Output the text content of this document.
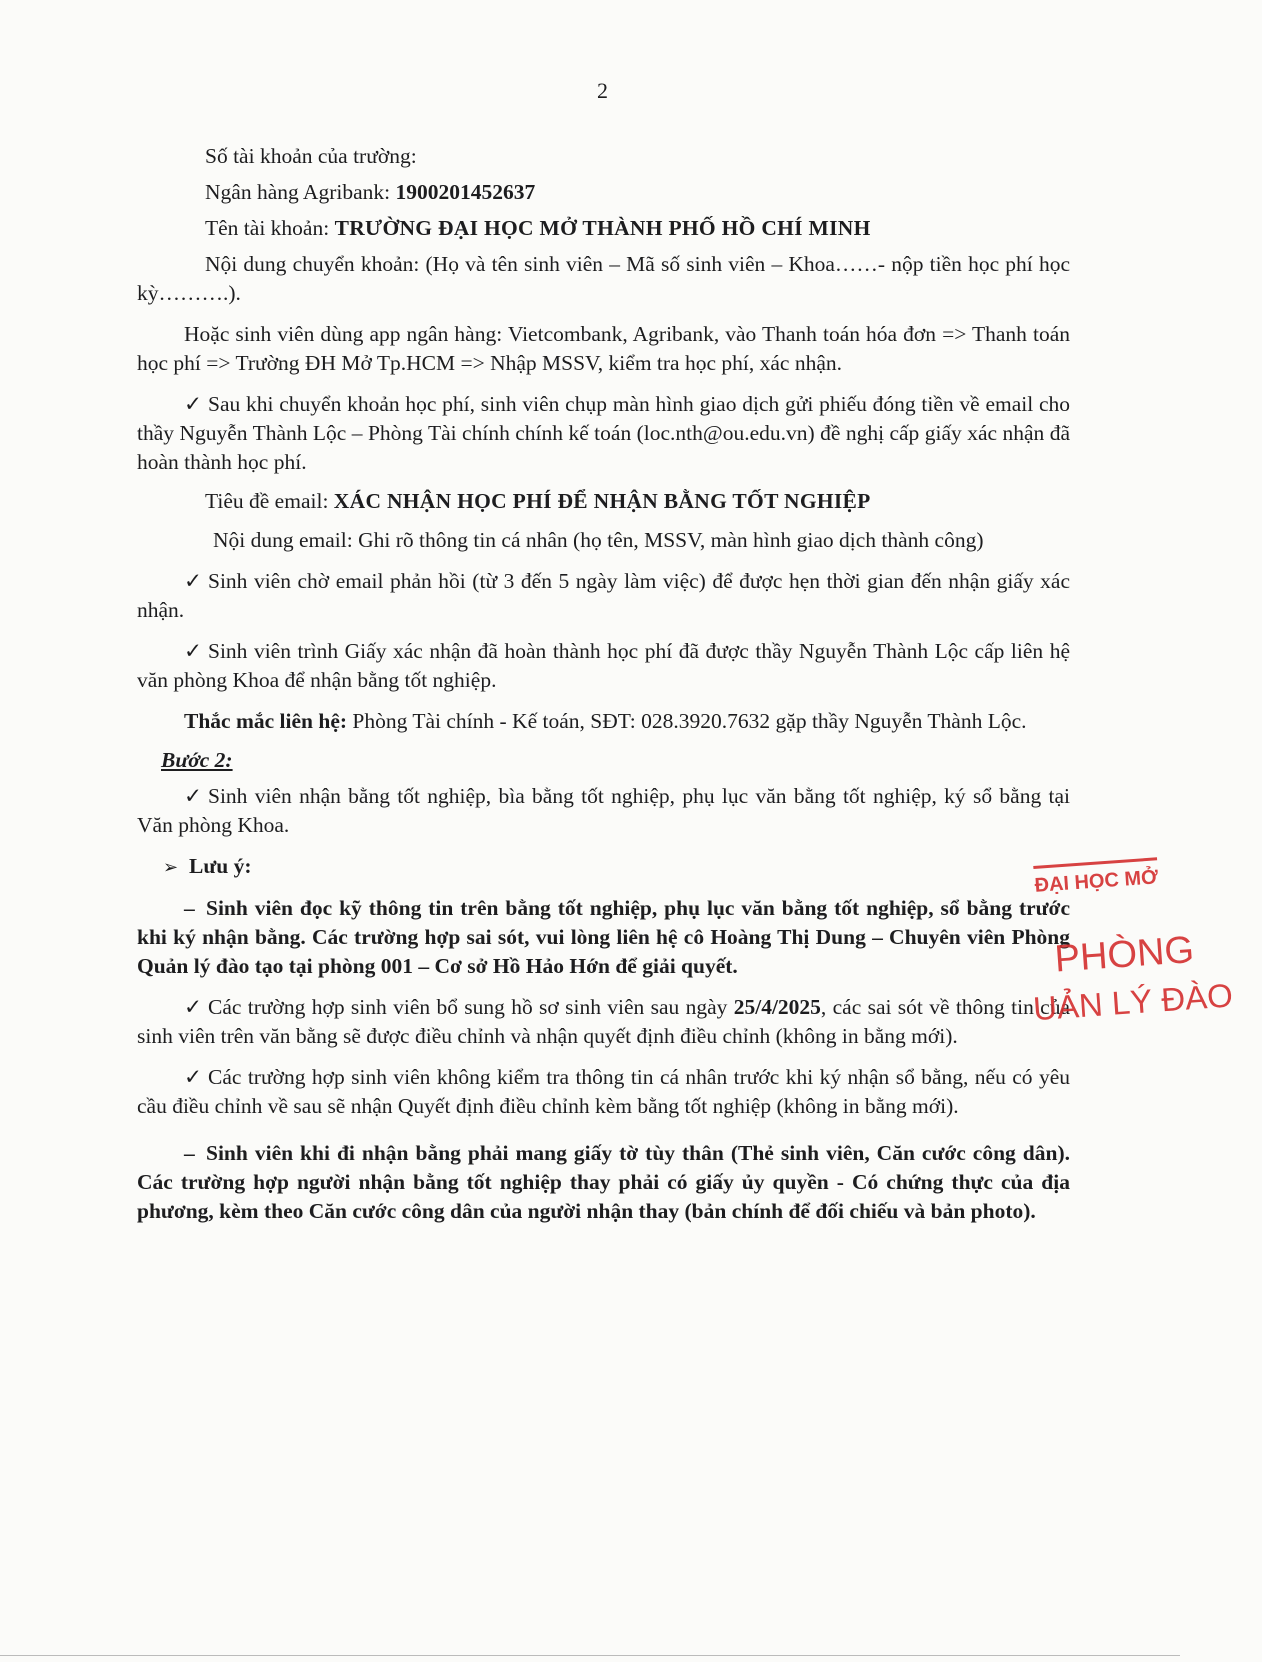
2

Số tài khoản của trường:

Ngân hàng Agribank: 1900201452637

Tên tài khoản: TRƯỜNG ĐẠI HỌC MỞ THÀNH PHỐ HỒ CHÍ MINH

Nội dung chuyển khoản: (Họ và tên sinh viên – Mã số sinh viên – Khoa……- nộp tiền học phí học kỳ……….).

Hoặc sinh viên dùng app ngân hàng: Vietcombank, Agribank, vào Thanh toán hóa đơn => Thanh toán học phí => Trường ĐH Mở Tp.HCM => Nhập MSSV, kiểm tra học phí, xác nhận.

✓ Sau khi chuyển khoản học phí, sinh viên chụp màn hình giao dịch gửi phiếu đóng tiền về email cho thầy Nguyễn Thành Lộc – Phòng Tài chính chính kế toán (loc.nth@ou.edu.vn) đề nghị cấp giấy xác nhận đã hoàn thành học phí.

Tiêu đề email: XÁC NHẬN HỌC PHÍ ĐỂ NHẬN BẰNG TỐT NGHIỆP

Nội dung email: Ghi rõ thông tin cá nhân (họ tên, MSSV, màn hình giao dịch thành công)

✓ Sinh viên chờ email phản hồi (từ 3 đến 5 ngày làm việc) để được hẹn thời gian đến nhận giấy xác nhận.

✓ Sinh viên trình Giấy xác nhận đã hoàn thành học phí đã được thầy Nguyễn Thành Lộc cấp liên hệ văn phòng Khoa để nhận bằng tốt nghiệp.

Thắc mắc liên hệ: Phòng Tài chính - Kế toán, SĐT: 028.3920.7632 gặp thầy Nguyễn Thành Lộc.

Bước 2:

✓ Sinh viên nhận bằng tốt nghiệp, bìa bằng tốt nghiệp, phụ lục văn bằng tốt nghiệp, ký sổ bằng tại Văn phòng Khoa.

➢ Lưu ý:

– Sinh viên đọc kỹ thông tin trên bằng tốt nghiệp, phụ lục văn bằng tốt nghiệp, sổ bằng trước khi ký nhận bằng. Các trường hợp sai sót, vui lòng liên hệ cô Hoàng Thị Dung – Chuyên viên Phòng Quản lý đào tạo tại phòng 001 – Cơ sở Hồ Hảo Hớn để giải quyết.

✓ Các trường hợp sinh viên bổ sung hồ sơ sinh viên sau ngày 25/4/2025, các sai sót về thông tin của sinh viên trên văn bằng sẽ được điều chỉnh và nhận quyết định điều chỉnh (không in bằng mới).

✓ Các trường hợp sinh viên không kiểm tra thông tin cá nhân trước khi ký nhận sổ bằng, nếu có yêu cầu điều chỉnh về sau sẽ nhận Quyết định điều chỉnh kèm bằng tốt nghiệp (không in bằng mới).

– Sinh viên khi đi nhận bằng phải mang giấy tờ tùy thân (Thẻ sinh viên, Căn cước công dân). Các trường hợp người nhận bằng tốt nghiệp thay phải có giấy ủy quyền - Có chứng thực của địa phương, kèm theo Căn cước công dân của người nhận thay (bản chính để đối chiếu và bản photo).

ĐẠI HỌC MỞ
PHÒNG
UẢN LÝ ĐÀO
